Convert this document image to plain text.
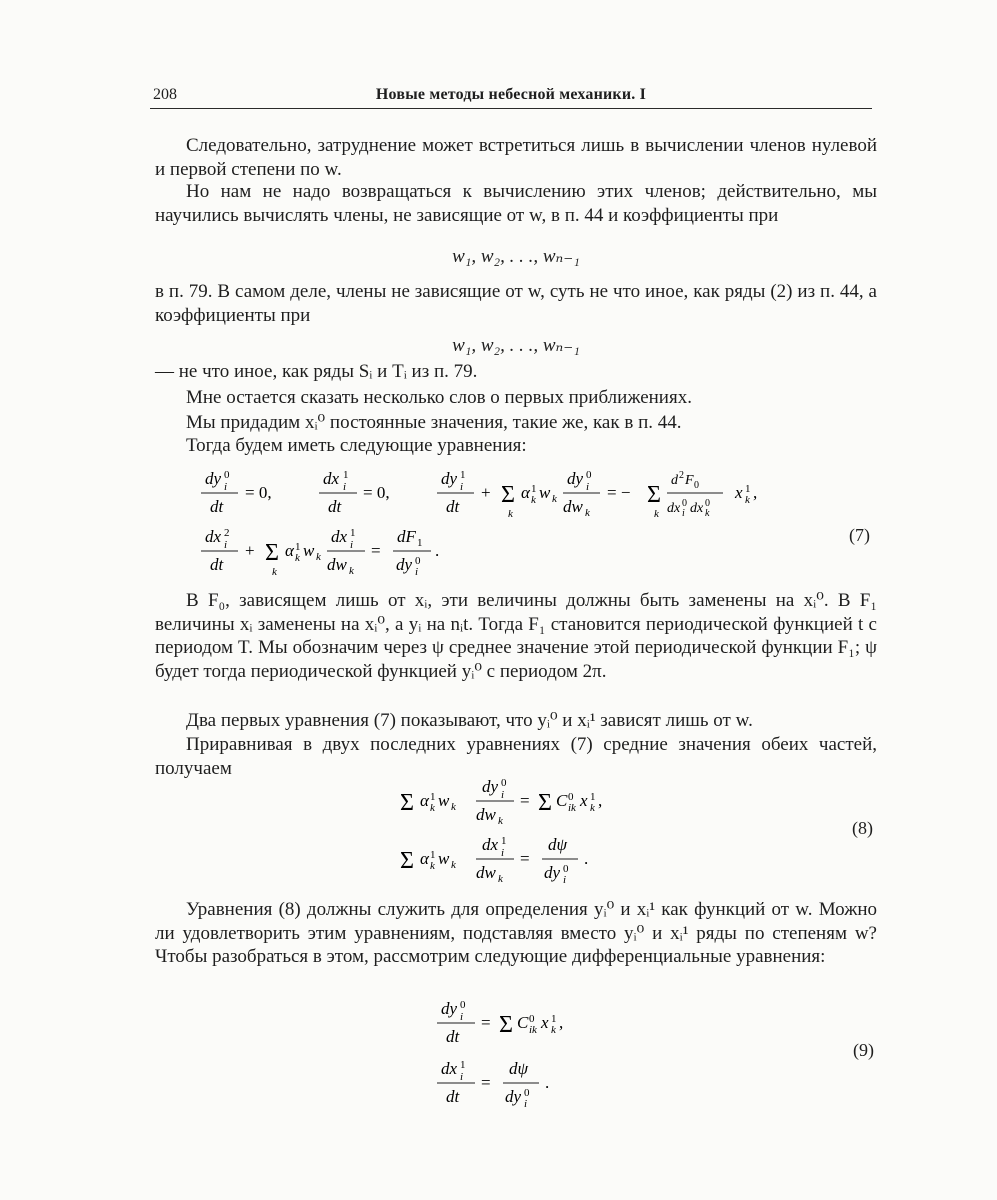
208	Новые методы небесной механики. I

Следовательно, затруднение может встретиться лишь в вычислении членов нулевой и первой степени по w.

Но нам не надо возвращаться к вычислению этих членов; действительно, мы научились вычислять члены, не зависящие от w, в п. 44 и коэффициенты при

w₁, w₂, . . ., wₙ₋₁

в п. 79. В самом деле, члены не зависящие от w, суть не что иное, как ряды (2) из п. 44, а коэффициенты при

w₁, w₂, . . ., wₙ₋₁

— не что иное, как ряды Sᵢ и Tᵢ из п. 79.

Мне остается сказать несколько слов о первых приближениях.

Мы придадим xᵢ⁰ постоянные значения, такие же, как в п. 44.

Тогда будем иметь следующие уравнения:

dy 0
i
dt
= 0,
dx 1
i
dt
= 0,
dy 1
i
dt
+ Σ
k
α 1
k w k
dy 0
i
dw k
= − Σ
k
d 2 F 0
dx 0
i dx 0
k
x 1
k ,
dx 2
i
dt
+ Σ
k
α 1
k w k
dx 1
i
dw k
=
dF 1
dy 0
i
.
(7)

В F₀, зависящем лишь от xᵢ, эти величины должны быть заменены на xᵢ⁰. В F₁ величины xᵢ заменены на xᵢ⁰, а yᵢ на nᵢt. Тогда F₁ становится периодической функцией t с периодом T. Мы обозначим через ψ среднее значение этой периодической функции F₁; ψ будет тогда периодической функцией yᵢ⁰ с периодом 2π.

Два первых уравнения (7) показывают, что yᵢ⁰ и xᵢ¹ зависят лишь от w.

Приравнивая в двух последних уравнениях (7) средние значения обеих частей, получаем

Σ α 1
k w k
dy 0
i
dw k
= Σ C 0
ik x 1
k ,
Σ α 1
k w k
dx 1
i
dw k
=
dψ
dy 0
i
.
(8)

Уравнения (8) должны служить для определения yᵢ⁰ и xᵢ¹ как функций от w. Можно ли удовлетворить этим уравнениям, подставляя вместо yᵢ⁰ и xᵢ¹ ряды по степеням w? Чтобы разобраться в этом, рассмотрим следующие дифференциальные уравнения:

dy 0
i
dt
= Σ C 0
ik x 1
k ,
dx 1
i
dt
=
dψ
dy 0
i
.
(9)
